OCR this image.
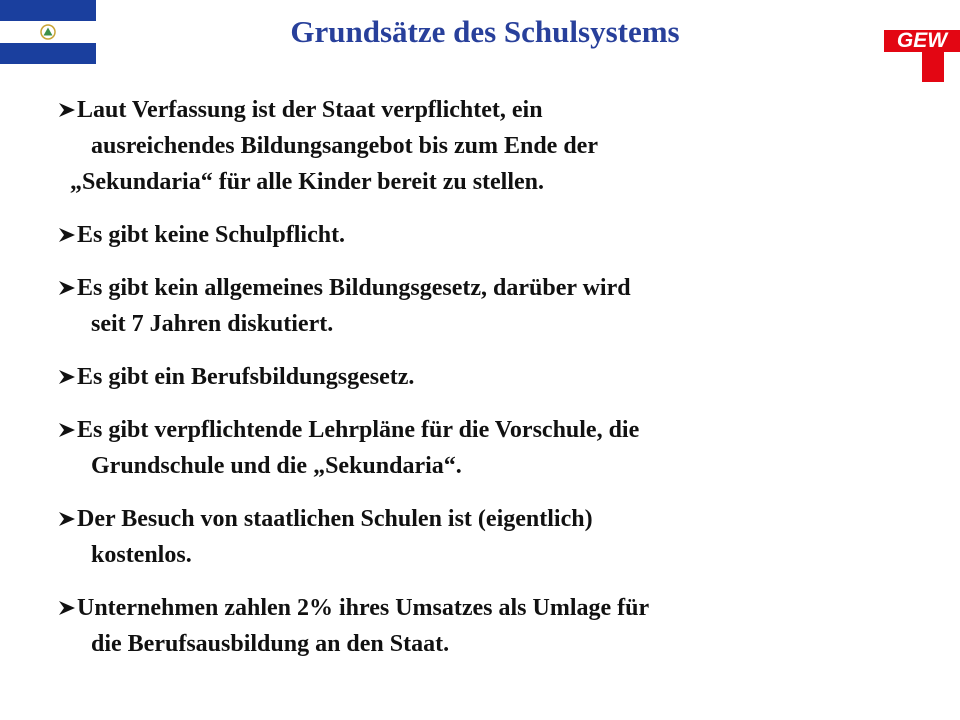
Grundsätze des Schulsystems	GEW
Laut Verfassung ist der Staat verpflichtet, ein
ausreichendes Bildungsangebot bis zum Ende der
„Sekundaria“ für alle Kinder bereit zu stellen.
Es gibt keine Schulpflicht.
Es gibt kein allgemeines Bildungsgesetz, darüber wird
seit 7 Jahren diskutiert.
Es gibt ein Berufsbildungsgesetz.
Es gibt verpflichtende Lehrpläne für die Vorschule, die
Grundschule und die „Sekundaria“.
Der Besuch von staatlichen Schulen ist (eigentlich)
kostenlos.
Unternehmen zahlen 2% ihres Umsatzes als Umlage für
die Berufsausbildung an den Staat.
